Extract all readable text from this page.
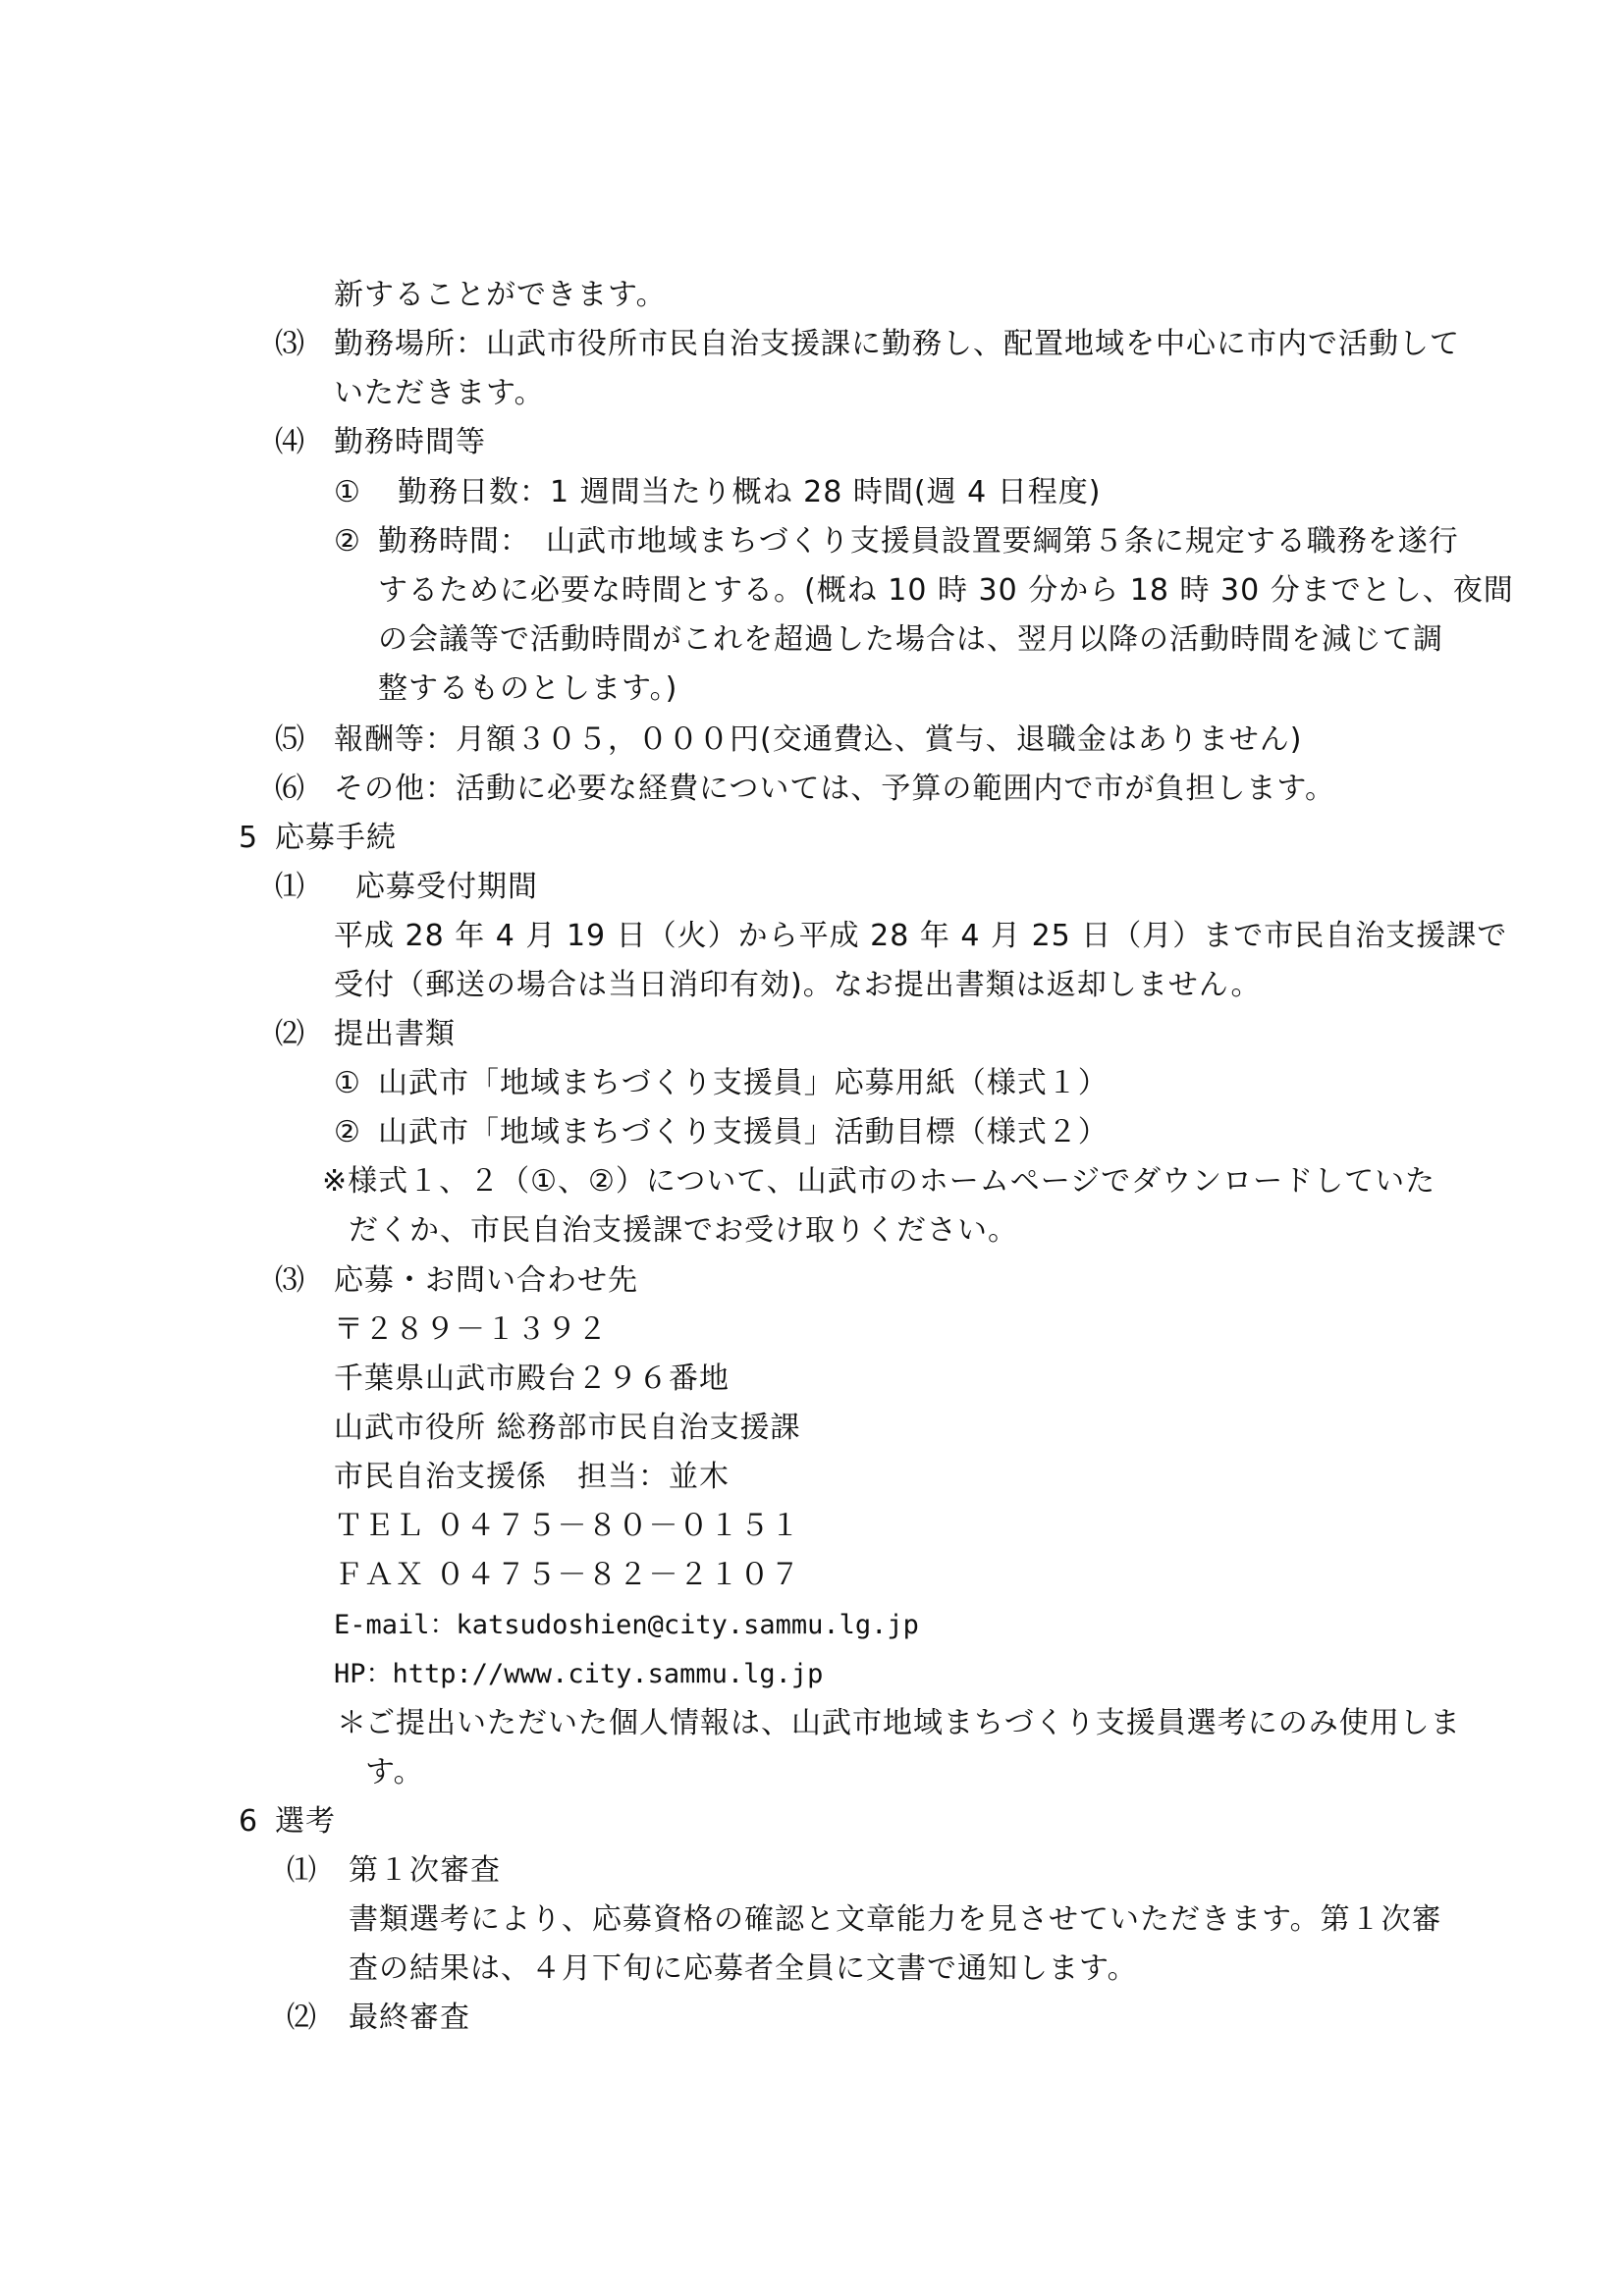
新することができます。
⑶ 勤務場所：山武市役所市民自治支援課に勤務し、配置地域を中心に市内で活動して
いただきます。
⑷ 勤務時間等
① 勤務日数：1 週間当たり概ね 28 時間(週 4 日程度)
② 勤務時間：　山武市地域まちづくり支援員設置要綱第５条に規定する職務を遂行
するために必要な時間とする。(概ね 10 時 30 分から 18 時 30 分までとし、夜間
の会議等で活動時間がこれを超過した場合は、翌月以降の活動時間を減じて調
整するものとします。)
⑸ 報酬等：月額３０５，０００円(交通費込、賞与、退職金はありません)
⑹ その他：活動に必要な経費については、予算の範囲内で市が負担します。
5 応募手続
⑴ 応募受付期間
平成 28 年 4 月 19 日（火）から平成 28 年 4 月 25 日（月）まで市民自治支援課で
受付（郵送の場合は当日消印有効)。なお提出書類は返却しません。
⑵ 提出書類
① 山武市「地域まちづくり支援員」応募用紙（様式１）
② 山武市「地域まちづくり支援員」活動目標（様式２）
※様式１、２（①、②）について、山武市のホームページでダウンロードしていた
だくか、市民自治支援課でお受け取りください。
⑶ 応募・お問い合わせ先
〒２８９－１３９２
千葉県山武市殿台２９６番地
山武市役所 総務部市民自治支援課
市民自治支援係　担当：並木
ＴＥＬ ０４７５－８０－０１５１
ＦＡＸ ０４７５－８２－２１０７
E-mail：katsudoshien@city.sammu.lg.jp
HP：http://www.city.sammu.lg.jp
＊
ご提出いただいた個人情報は、山武市地域まちづくり支援員選考にのみ使用しま
す。
6 選考
⑴ 第１次審査
書類選考により、応募資格の確認と文章能力を見させていただきます。第１次審
査の結果は、４月下旬に応募者全員に文書で通知します。
⑵ 最終審査
